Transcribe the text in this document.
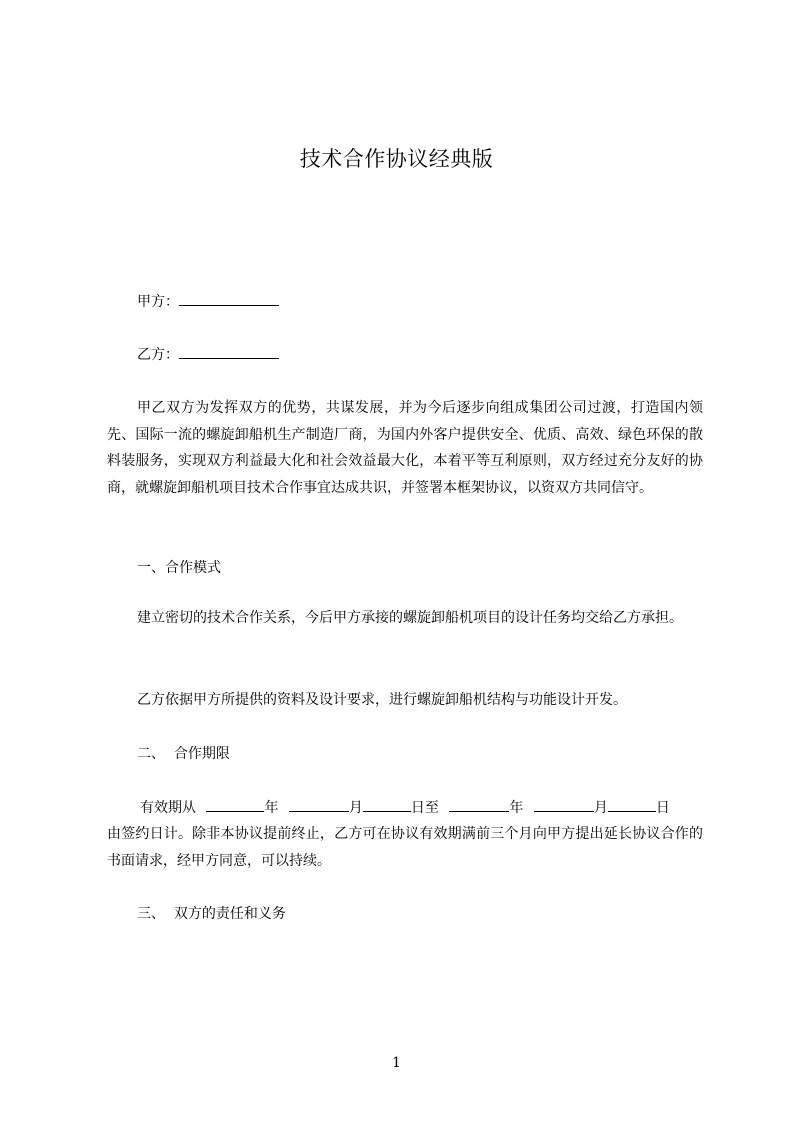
技术合作协议经典版
甲方：
乙方：
甲乙双方为发挥双方的优势，共谋发展，并为今后逐步向组成集团公司过渡，打造国内领先、国际一流的螺旋卸船机生产制造厂商，为国内外客户提供安全、优质、高效、绿色环保的散料装服务，实现双方利益最大化和社会效益最大化，本着平等互利原则，双方经过充分友好的协商，就螺旋卸船机项目技术合作事宜达成共识，并签署本框架协议，以资双方共同信守。
一、合作模式
建立密切的技术合作关系，今后甲方承接的螺旋卸船机项目的设计任务均交给乙方承担。
乙方依据甲方所提供的资料及设计要求，进行螺旋卸船机结构与功能设计开发。
二、  合作期限
有效期从	年	月	日至	年	月	日
由签约日计。除非本协议提前终止，乙方可在协议有效期满前三个月向甲方提出延长协议合作的书面请求，经甲方同意，可以持续。
三、  双方的责任和义务
1
